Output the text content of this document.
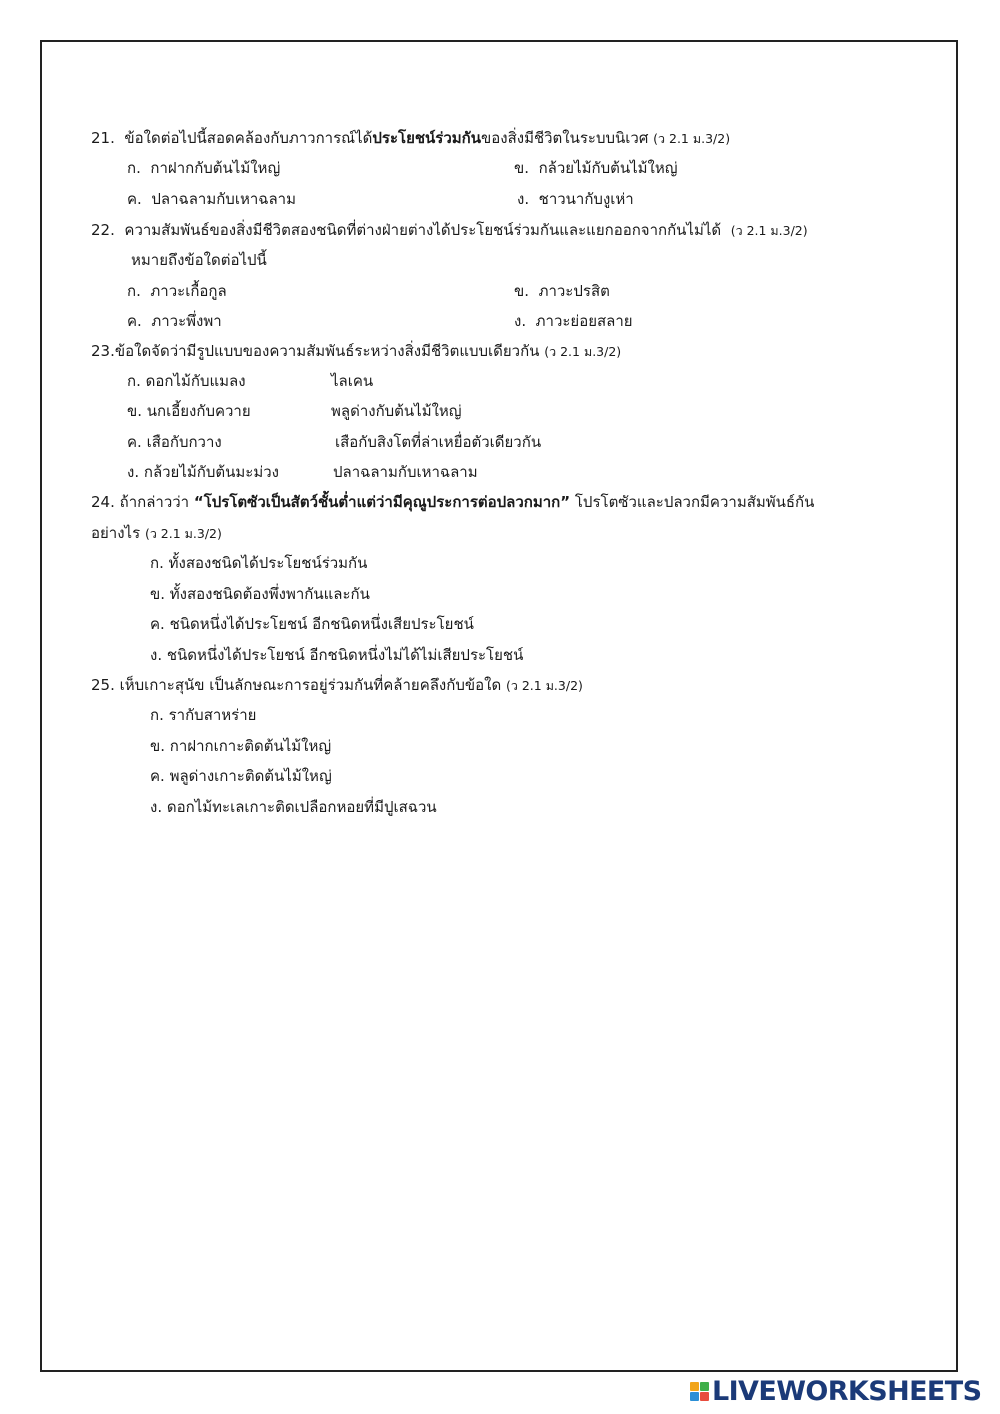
21. ข้อใดต่อไปนี้สอดคล้องกับภาวการณ์ได้ประโยชน์ร่วมกันของสิ่งมีชีวิตในระบบนิเวศ (ว 2.1 ม.3/2)
ก. กาฝากกับต้นไม้ใหญ่	ข. กล้วยไม้กับต้นไม้ใหญ่
ค. ปลาฉลามกับเหาฉลาม	ง. ชาวนากับงูเห่า
22. ความสัมพันธ์ของสิ่งมีชีวิตสองชนิดที่ต่างฝ่ายต่างได้ประโยชน์ร่วมกันและแยกออกจากกันไม่ได้ (ว 2.1 ม.3/2)
หมายถึงข้อใดต่อไปนี้
ก. ภาวะเกื้อกูล	ข. ภาวะปรสิต
ค. ภาวะพึ่งพา	ง. ภาวะย่อยสลาย
23.ข้อใดจัดว่ามีรูปแบบของความสัมพันธ์ระหว่างสิ่งมีชีวิตแบบเดียวกัน (ว 2.1 ม.3/2)
ก. ดอกไม้กับแมลง	ไลเคน
ข. นกเอี้ยงกับควาย	พลูด่างกับต้นไม้ใหญ่
ค. เสือกับกวาง	เสือกับสิงโตที่ล่าเหยื่อตัวเดียวกัน
ง. กล้วยไม้กับต้นมะม่วง	ปลาฉลามกับเหาฉลาม
24. ถ้ากล่าวว่า “โปรโตซัวเป็นสัตว์ชั้นต่ำแต่ว่ามีคุณูประการต่อปลวกมาก” โปรโตซัวและปลวกมีความสัมพันธ์กัน
อย่างไร (ว 2.1 ม.3/2)
ก. ทั้งสองชนิดได้ประโยชน์ร่วมกัน
ข. ทั้งสองชนิดต้องพึ่งพากันและกัน
ค. ชนิดหนึ่งได้ประโยชน์ อีกชนิดหนึ่งเสียประโยชน์
ง. ชนิดหนึ่งได้ประโยชน์ อีกชนิดหนึ่งไม่ได้ไม่เสียประโยชน์
25. เห็บเกาะสุนัข เป็นลักษณะการอยู่ร่วมกันที่คล้ายคลึงกับข้อใด (ว 2.1 ม.3/2)
ก. รากับสาหร่าย
ข. กาฝากเกาะติดต้นไม้ใหญ่
ค. พลูด่างเกาะติดต้นไม้ใหญ่
ง. ดอกไม้ทะเลเกาะติดเปลือกหอยที่มีปูเสฉวน
LIVEWORKSHEETS
